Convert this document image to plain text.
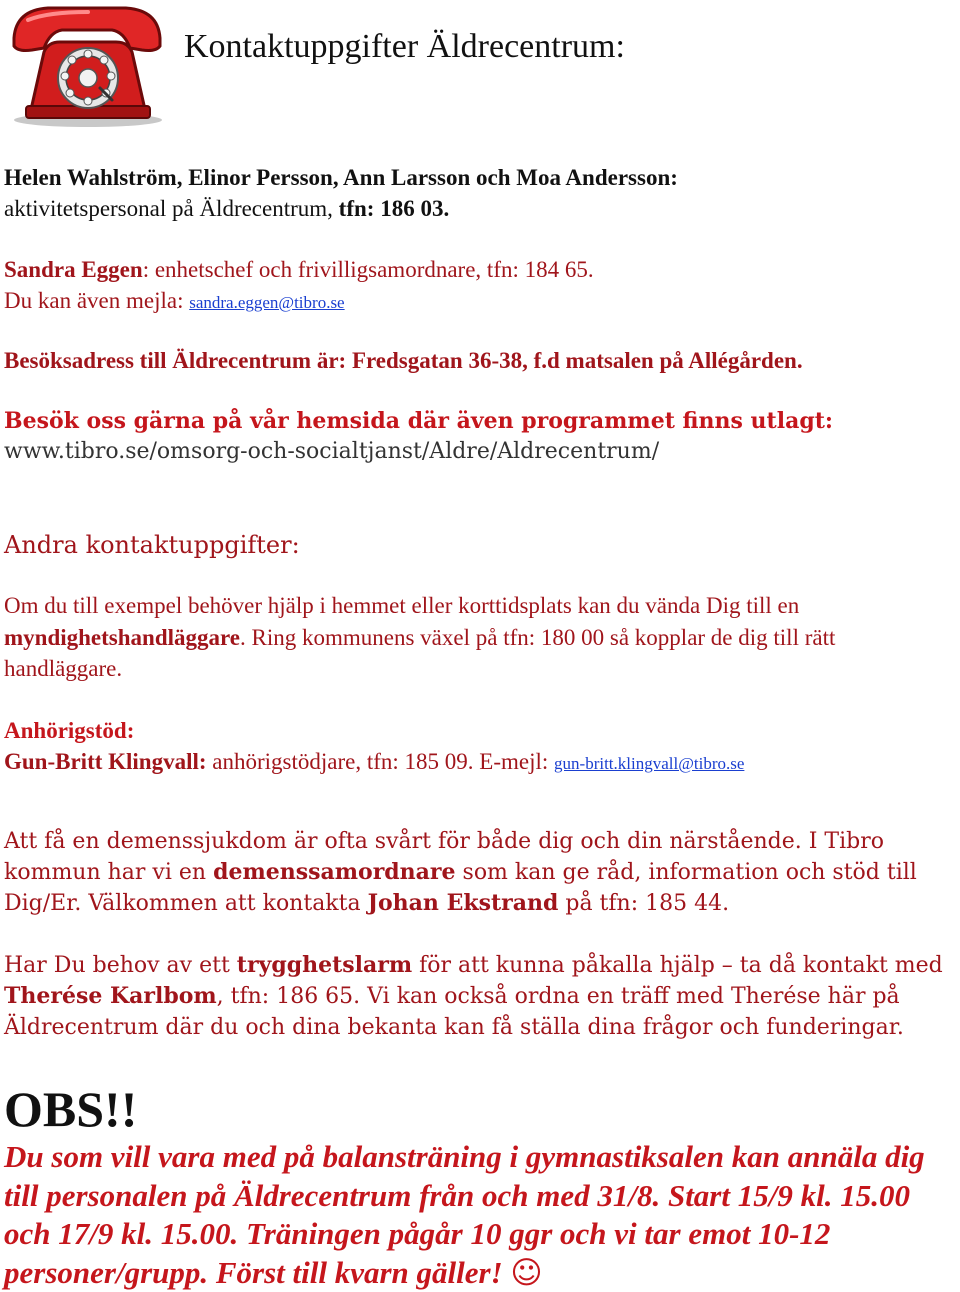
Kontaktuppgifter Äldrecentrum:
Helen Wahlström, Elinor Persson, Ann Larsson och Moa Andersson:
aktivitetspersonal på Äldrecentrum, tfn: 186 03.
Sandra Eggen: enhetschef och frivilligsamordnare, tfn: 184 65.
Du kan även mejla: sandra.eggen@tibro.se
Besöksadress till Äldrecentrum är: Fredsgatan 36-38, f.d matsalen på Allégården.
Besök oss gärna på vår hemsida där även programmet finns utlagt:
www.tibro.se/omsorg-och-socialtjanst/Aldre/Aldrecentrum/
Andra kontaktuppgifter:
Om du till exempel behöver hjälp i hemmet eller korttidsplats kan du vända Dig till en myndighetshandläggare. Ring kommunens växel på tfn: 180 00 så kopplar de dig till rätt handläggare.
Anhörigstöd:
Gun-Britt Klingvall: anhörigstödjare, tfn: 185 09. E-mejl: gun-britt.klingvall@tibro.se
Att få en demenssjukdom är ofta svårt för både dig och din närstående. I Tibro kommun har vi en demenssamordnare som kan ge råd, information och stöd till Dig/Er. Välkommen att kontakta Johan Ekstrand på tfn: 185 44.
Har Du behov av ett trygghetslarm för att kunna påkalla hjälp – ta då kontakt med Therése Karlbom, tfn: 186 65. Vi kan också ordna en träff med Therése här på Äldrecentrum där du och dina bekanta kan få ställa dina frågor och funderingar.
OBS!!
Du som vill vara med på balansträning i gymnastiksalen kan annäla dig till personalen på Äldrecentrum från och med 31/8. Start 15/9 kl. 15.00 och 17/9 kl. 15.00. Träningen pågår 10 ggr och vi tar emot 10-12 personer/grupp. Först till kvarn gäller! ☺
